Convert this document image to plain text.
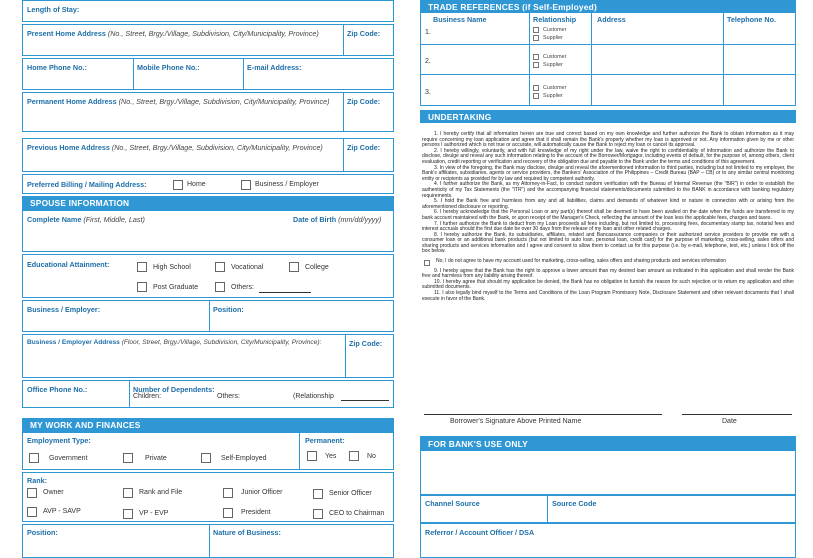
Length of Stay:
Present Home Address (No., Street, Brgy./Village, Subdivision, City/Municipality, Province)	Zip Code:
Home Phone No.:	Mobile Phone No.:	E-mail Address:
Permanent Home Address (No., Street, Brgy./Village, Subdivision, City/Municipality, Province) Zip Code:
Previous Home Address (No., Street, Brgy./Village, Subdivision, City/Municipality, Province)	Zip Code:
Preferred Billing / Mailing Address:	Home	Business / Employer
SPOUSE INFORMATION
Complete Name (First, Middle, Last)	Date of Birth (mm/dd/yyyy)
Educational Attainment:	High School	Vocational	College
Post Graduate	Others:
Business / Employer:	Position:
Business / Employer Address (Floor, Street, Brgy./Village, Subdivision, City/Municipality, Province):	Zip Code:
Office Phone No.:	Number of Dependents:
Children:	Others:	(Relationship
MY WORK AND FINANCES
Employment Type:
Government	Private	Self-Employed
Permanent:
Yes	No
Rank:
Owner	Rank and File	Junior Officer	Senior Officer
AVP - SAVP	VP - EVP	President	CEO to Chairman
Position:	Nature of Business:
TRADE REFERENCES (if Self-Employed)
Business Name	Relationship	Address	Telephone No.
1.	Customer
Supplier
2.
Customer
Supplier
3.
Customer
Supplier
UNDERTAKING

1. I hereby certify that all information herein are true and correct based on my own knowledge and further authorize the Bank to obtain information as it may require concerning my loan application and agree that it shall remain the Bank's property whether my loan is approved or not. Any information given by me or other persons I authorized which is not true or accurate, will automatically cause the Bank to reject my loan or cancel its approval.

2. I hereby willingly, voluntarily, and with full knowledge of my right under the law, waive the right to confidentiality of information and authorize the Bank to disclose, divulge and reveal any such information relating to the account of the Borrower/Mortgagor, including events of default, for the purpose of, among others, client evaluation, credit reporting or verification and recovery of the obligation due and payable to the Bank under the terms and conditions of this agreement.

3. In view of the foregoing, the Bank may disclose, divulge and reveal the aforementioned information to third parties, including but not limited to my employer, the Bank's affiliates, subsidiaries, agents or service providers, the Bankers' Association of the Philippines – Credit Bureau (BAP – CB) or to any similar central monitoring entity or recipients as provided for by law and required by competent authority.

4. I further authorize the Bank, as my Attorney-in-Fact, to conduct random verification with the Bureau of Internal Revenue (the "BIR") in order to establish the authenticity of my Tax Statements (the "ITR") and the accompanying financial statements/documents submitted to the BANK in accordance with banking regulatory requirements.

5. I hold the Bank free and harmless from any and all liabilities, claims and demands of whatever kind or nature in connection with or arising from the aforementioned disclosure or reporting.

6. I hereby acknowledge that the Personal Loan or any part(s) thereof shall be deemed to have been availed on the date when the funds are transferred to my bank account maintained with the Bank, or upon receipt of the Manager's Check, reflecting the amount of the loan less the applicable fees, charges and taxes.

7. I further authorize the Bank to deduct from my Loan proceeds all fees including, but not limited to, processing fees, documentary stamp tax, notarial fees and interest accruals should the first due date be over 30 days from the release of my loan and other related charges.

8. I hereby authorize the Bank, its subsidiaries, affiliates, related and Bancassurance companies or their authorized service providers to provide me with a consumer loan or an additional bank products (but not limited to auto loan, personal loan, credit card) for the purpose of marketing, cross-selling, sales offers and sharing products and services information and I agree and consent to allow them to contact us for this purpose (i.e. by e-mail, telephone, text, etc.) unless I tick off the box below.

No, I do not agree to have my account used for marketing, cross-selling, sales offers and sharing products and services information

9. I hereby agree that the Bank has the right to approve a lower amount than my desired loan amount as indicated in this application and shall render the Bank free and harmless from any liability arising thereof.

10. I hereby agree that should my application be denied, the Bank has no obligation to furnish the reason for such rejection or to return my application and other submitted documents.

11. I also legally bind myself to the Terms and Conditions of the Loan Program Promissory Note, Disclosure Statement and other relevant documents that I shall execute in favor of the Bank.

Borrower's Signature Above Printed Name	Date
FOR BANK'S USE ONLY
Channel Source	Source Code
Referror / Account Officer / DSA
